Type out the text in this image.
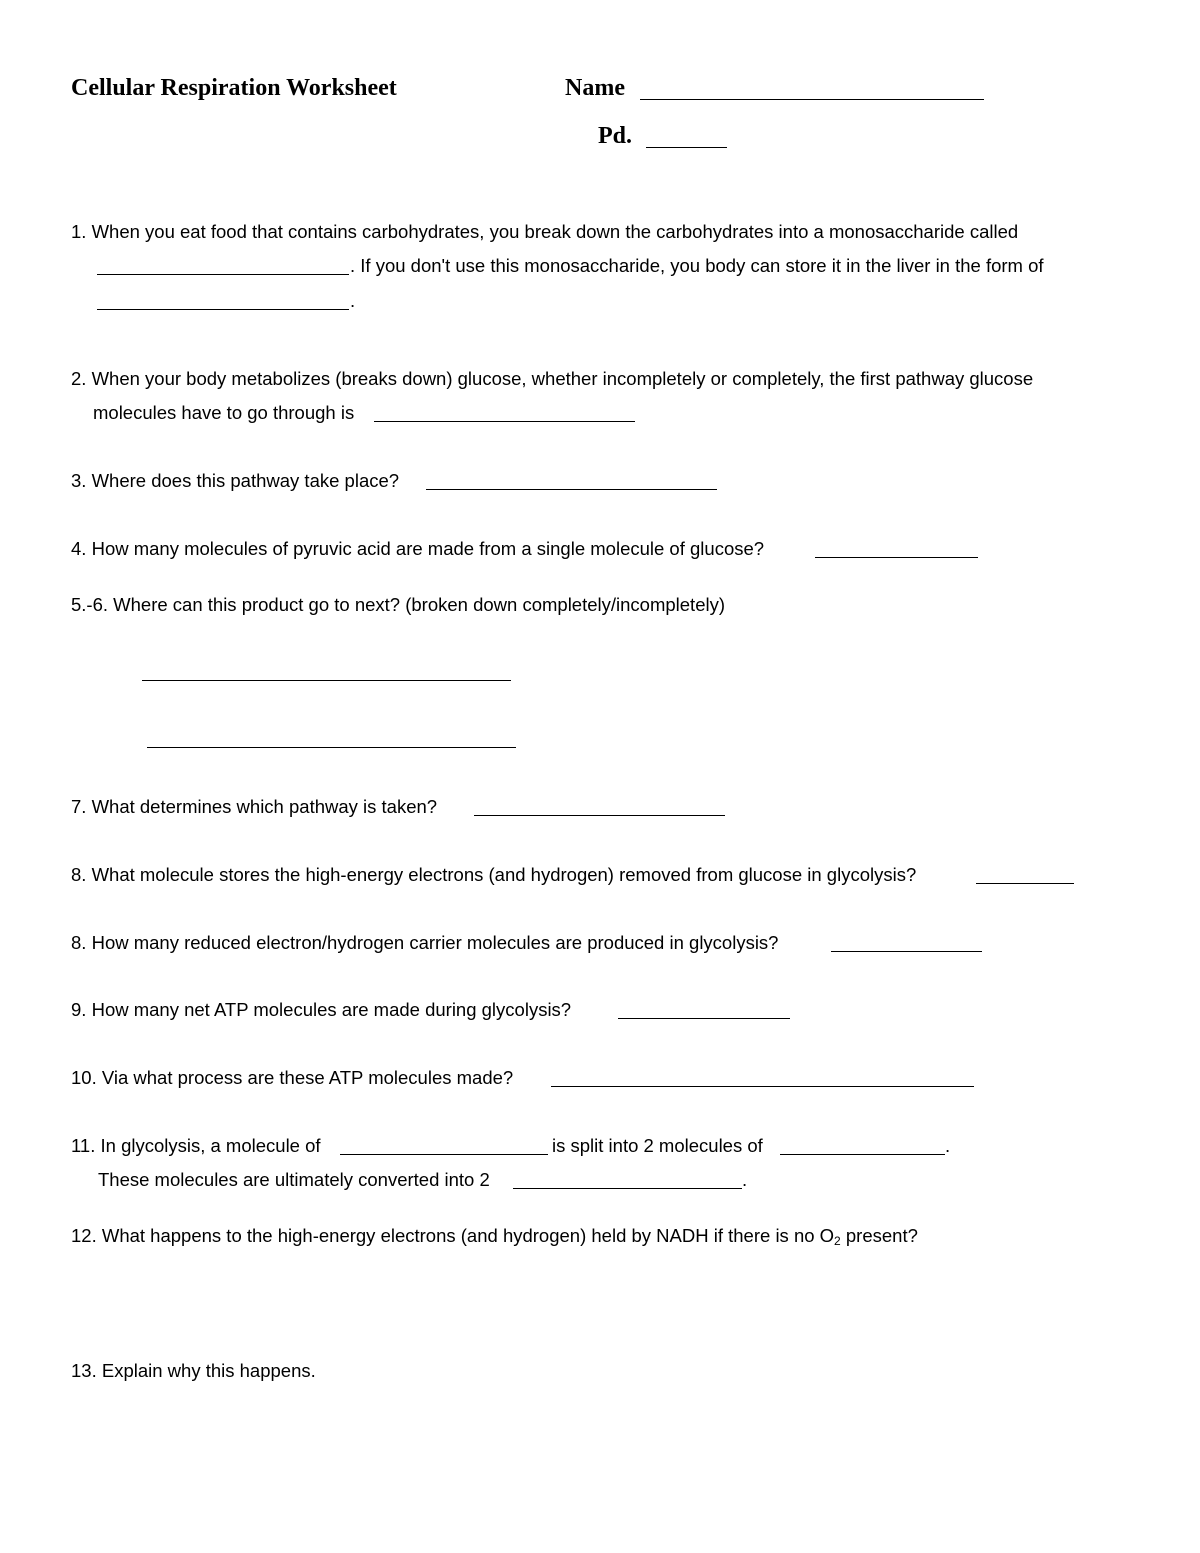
Cellular Respiration Worksheet	Name
Pd.
1. When you eat food that contains carbohydrates, you break down the carbohydrates into a monosaccharide called
. If you don't use this monosaccharide, you body can store it in the liver in the form of
.
2. When your body metabolizes (breaks down) glucose, whether incompletely or completely, the first pathway glucose
molecules have to go through is
3. Where does this pathway take place?
4. How many molecules of pyruvic acid are made from a single molecule of glucose?
5.-6. Where can this product go to next? (broken down completely/incompletely)
7. What determines which pathway is taken?
8. What molecule stores the high-energy electrons (and hydrogen) removed from glucose in glycolysis?
8. How many reduced electron/hydrogen carrier molecules are produced in glycolysis?
9. How many net ATP molecules are made during glycolysis?
10. Via what process are these ATP molecules made?
11. In glycolysis, a molecule of	is split into 2 molecules of	.
These molecules are ultimately converted into 2	.
12. What happens to the high-energy electrons (and hydrogen) held by NADH if there is no $O_2$ present?
13. Explain why this happens.
